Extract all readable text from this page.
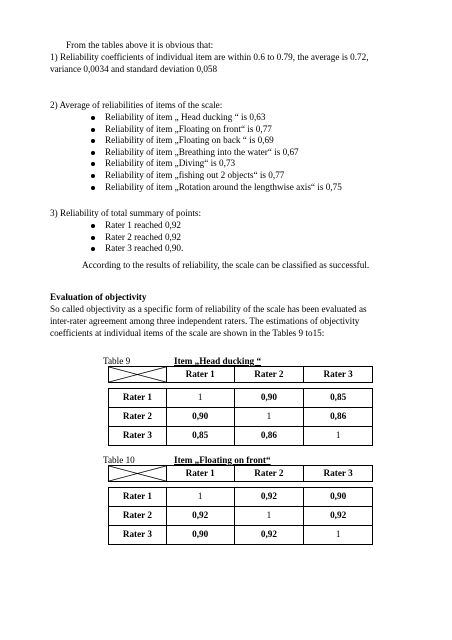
From the tables above it is obvious that:
1) Reliability coefficients of individual item are within 0.6 to 0.79, the average is 0.72,
variance 0,0034 and standard deviation 0,058
2) Average of reliabilities of items of the scale:
Reliability of item „ Head ducking “ is 0,63
Reliability of item „Floating on front“ is 0,77
Reliability of item „Floating on back “ is 0,69
Reliability of item „Breathing into the water“ is 0,67
Reliability of item „Diving“ is 0,73
Reliability of item „fishing out 2 objects“ is 0,77
Reliability of item „Rotation around the lengthwise axis“ is 0,75
3) Reliability of total summary of points:
Rater 1 reached 0,92
Rater 2 reached 0,92
Rater 3 reached 0,90.
According to the results of reliability, the scale can be classified as successful.
Evaluation of objectivity
So called objectivity as a specific form of reliability of the scale has been evaluated as
inter-rater agreement among three independent raters. The estimations of objectivity
coefficients at individual items of the scale are shown in the Tables 9 to15:
Table 9	Item „Head ducking “
	Rater 1	Rater 2	Rater 3

Rater 1	1	0,90	0,85
Rater 2	0,90	1	0,86
Rater 3	0,85	0,86	1
Table 10	Item „Floating on front“
	Rater 1	Rater 2	Rater 3

Rater 1	1	0,92	0,90
Rater 2	0,92	1	0,92
Rater 3	0,90	0,92	1
